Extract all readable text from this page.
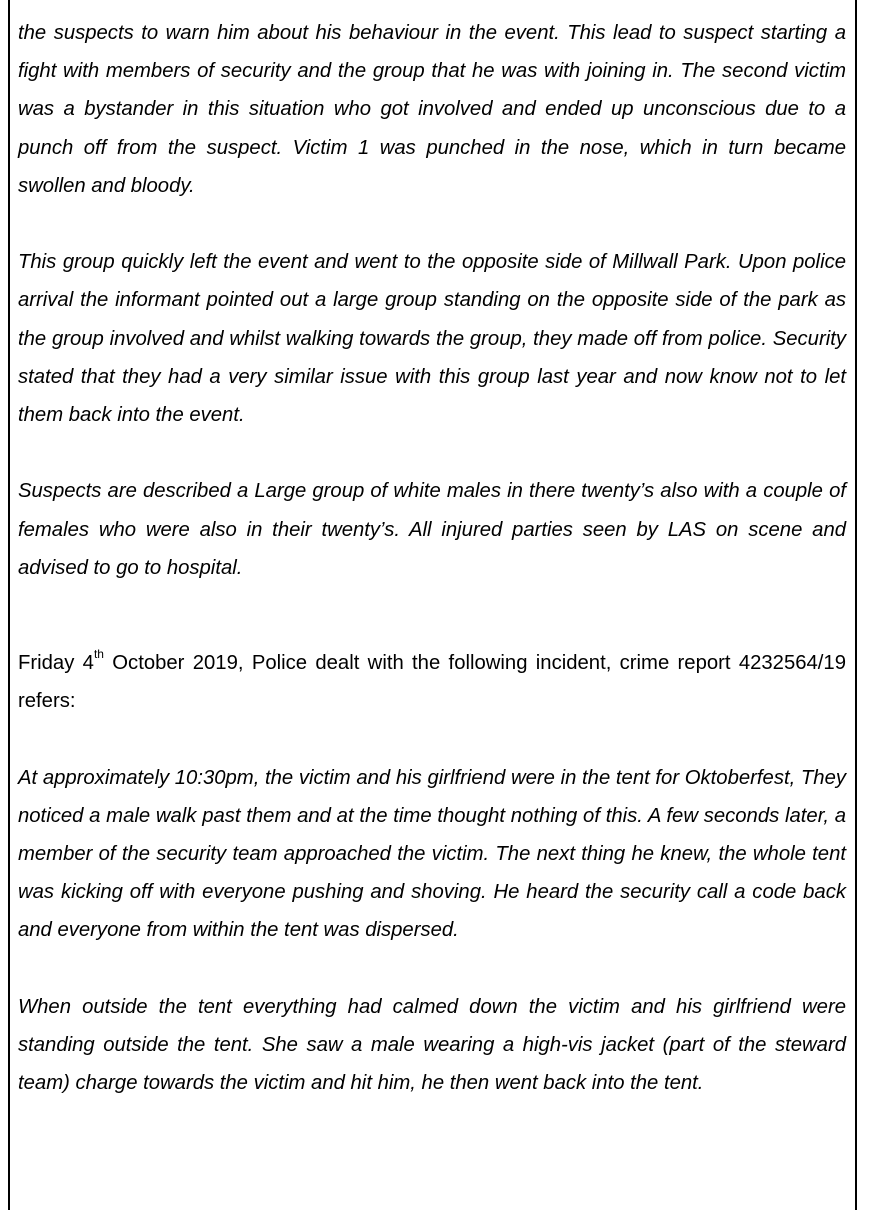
the suspects to warn him about his behaviour in the event. This lead to suspect starting a fight with members of security and the group that he was with joining in. The second victim was a bystander in this situation who got involved and ended up unconscious due to a punch off from the suspect. Victim 1 was punched in the nose, which in turn became swollen and bloody.

This group quickly left the event and went to the opposite side of Millwall Park. Upon police arrival the informant pointed out a large group standing on the opposite side of the park as the group involved and whilst walking towards the group, they made off from police. Security stated that they had a very similar issue with this group last year and now know not to let them back into the event.

Suspects are described a Large group of white males in there twenty’s also with a couple of females who were also in their twenty’s. All injured parties seen by LAS on scene and advised to go to hospital.

Friday 4th October 2019, Police dealt with the following incident, crime report 4232564/19 refers:

At approximately 10:30pm, the victim and his girlfriend were in the tent for Oktoberfest, They noticed a male walk past them and at the time thought nothing of this. A few seconds later, a member of the security team approached the victim. The next thing he knew, the whole tent was kicking off with everyone pushing and shoving. He heard the security call a code back and everyone from within the tent was dispersed.

When outside the tent everything had calmed down the victim and his girlfriend were standing outside the tent. She saw a male wearing a high-vis jacket (part of the steward team) charge towards the victim and hit him, he then went back into the tent.
